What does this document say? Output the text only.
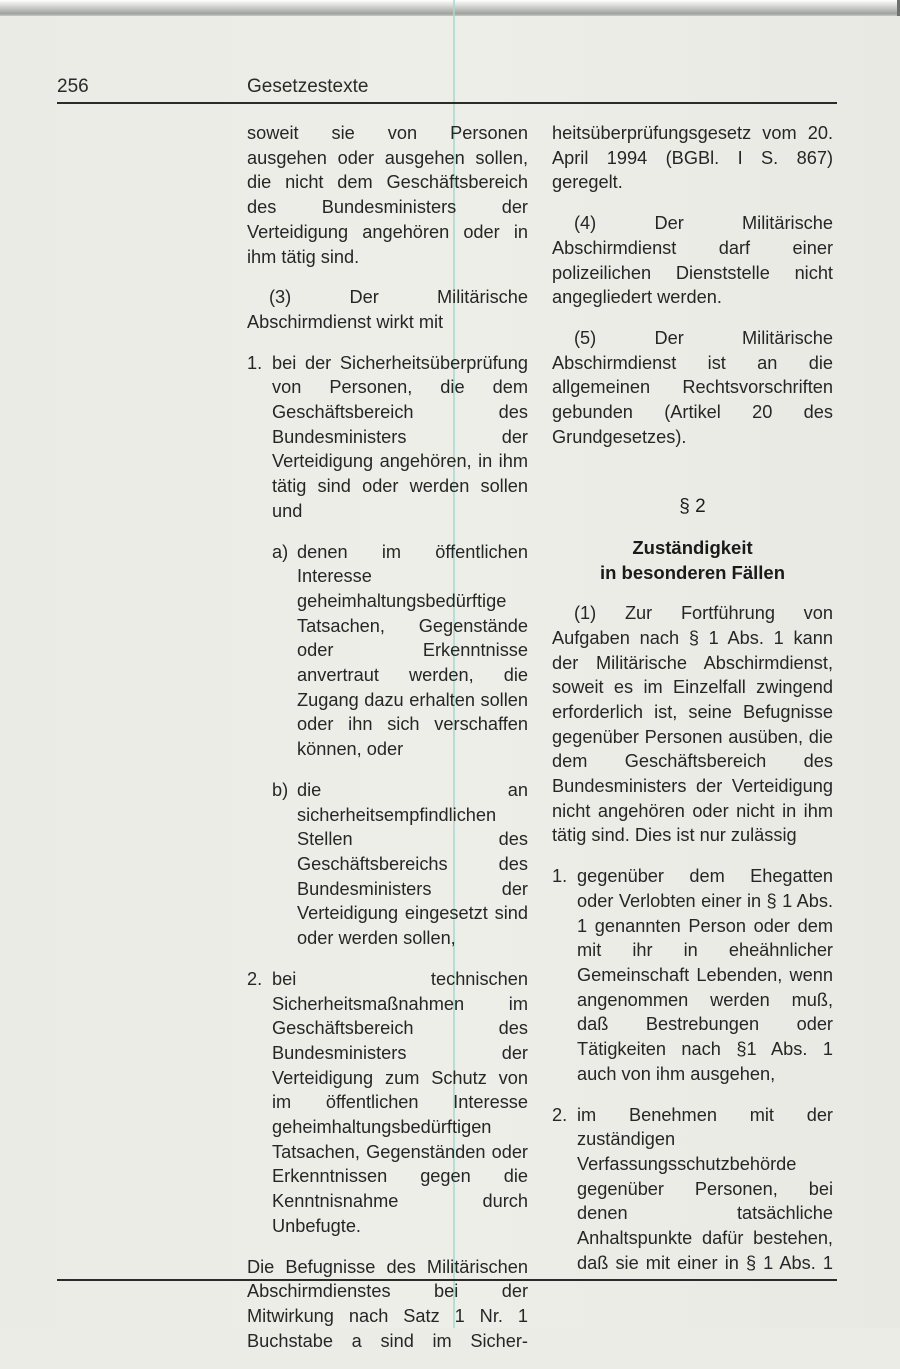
256	Gesetzestexte

soweit sie von Personen ausgehen oder ausgehen sollen, die nicht dem Geschäftsbereich des Bundesministers der Verteidigung angehören oder in ihm tätig sind.

(3) Der Militärische Abschirmdienst wirkt mit

1. bei der Sicherheitsüberprüfung von Personen, die dem Geschäftsbereich des Bundesministers der Verteidigung angehören, in ihm tätig sind oder werden sollen und
a) denen im öffentlichen Interesse geheimhaltungsbedürftige Tatsachen, Gegenstände oder Erkenntnisse anvertraut werden, die Zugang dazu erhalten sollen oder ihn sich verschaffen können, oder
b) die an sicherheitsempfindlichen Stellen des Geschäftsbereichs des Bundesministers der Verteidigung eingesetzt sind oder werden sollen,
2. bei technischen Sicherheitsmaßnahmen im Geschäftsbereich des Bundesministers der Verteidigung zum Schutz von im öffentlichen Interesse geheimhaltungsbedürftigen Tatsachen, Gegenständen oder Erkenntnissen gegen die Kenntnisnahme durch Unbefugte.

Die Befugnisse des Militärischen Abschirmdienstes bei der Mitwirkung nach Satz 1 Nr. 1 Buchstabe a sind im Sicher-

heitsüberprüfungsgesetz vom 20. April 1994 (BGBl. I S. 867) geregelt.

(4) Der Militärische Abschirmdienst darf einer polizeilichen Dienststelle nicht angegliedert werden.

(5) Der Militärische Abschirmdienst ist an die allgemeinen Rechtsvorschriften gebunden (Artikel 20 des Grundgesetzes).

§ 2
Zuständigkeit
in besonderen Fällen

(1) Zur Fortführung von Aufgaben nach § 1 Abs. 1 kann der Militärische Abschirmdienst, soweit es im Einzelfall zwingend erforderlich ist, seine Befugnisse gegenüber Personen ausüben, die dem Geschäftsbereich des Bundesministers der Verteidigung nicht angehören oder nicht in ihm tätig sind. Dies ist nur zulässig

1. gegenüber dem Ehegatten oder Verlobten einer in § 1 Abs. 1 genannten Person oder dem mit ihr in eheähnlicher Gemeinschaft Lebenden, wenn angenommen werden muß, daß Bestrebungen oder Tätigkeiten nach §1 Abs. 1 auch von ihm ausgehen,
2. im Benehmen mit der zuständigen Verfassungsschutzbehörde gegenüber Personen, bei denen tatsächliche Anhaltspunkte dafür bestehen, daß sie mit einer in § 1 Abs. 1
